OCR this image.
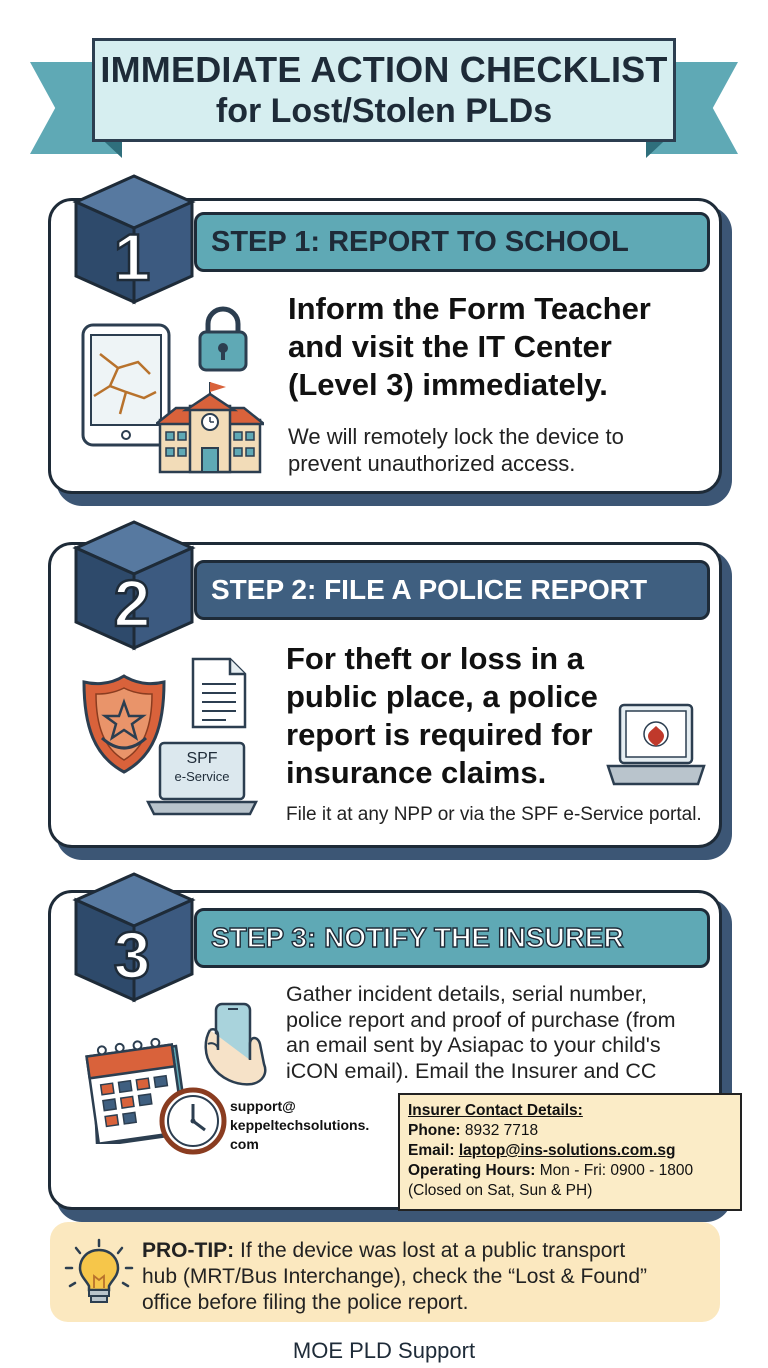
IMMEDIATE ACTION CHECKLIST
for Lost/Stolen PLDs
1 STEP 1: REPORT TO SCHOOL
Inform the Form Teacher
and visit the IT Center
(Level 3) immediately.
We will remotely lock the device to
prevent unauthorized access.
2 STEP 2: FILE A POLICE REPORT
For theft or loss in a
public place, a police
report is required for
insurance claims.
File it at any NPP or via the SPF e-Service portal.
SPF
e-Service
3 STEP 3: NOTIFY THE INSURER
Gather incident details, serial number,
police report and proof of purchase (from
an email sent by Asiapac to your child's
iCON email). Email the Insurer and CC
support@
keppeltechsolutions.
com
Insurer Contact Details:
Phone: 8932 7718
Email: laptop@ins-solutions.com.sg
Operating Hours: Mon - Fri: 0900 - 1800
(Closed on Sat, Sun & PH)
PRO-TIP: If the device was lost at a public transport
hub (MRT/Bus Interchange), check the “Lost & Found”
office before filing the police report.
MOE PLD Support
